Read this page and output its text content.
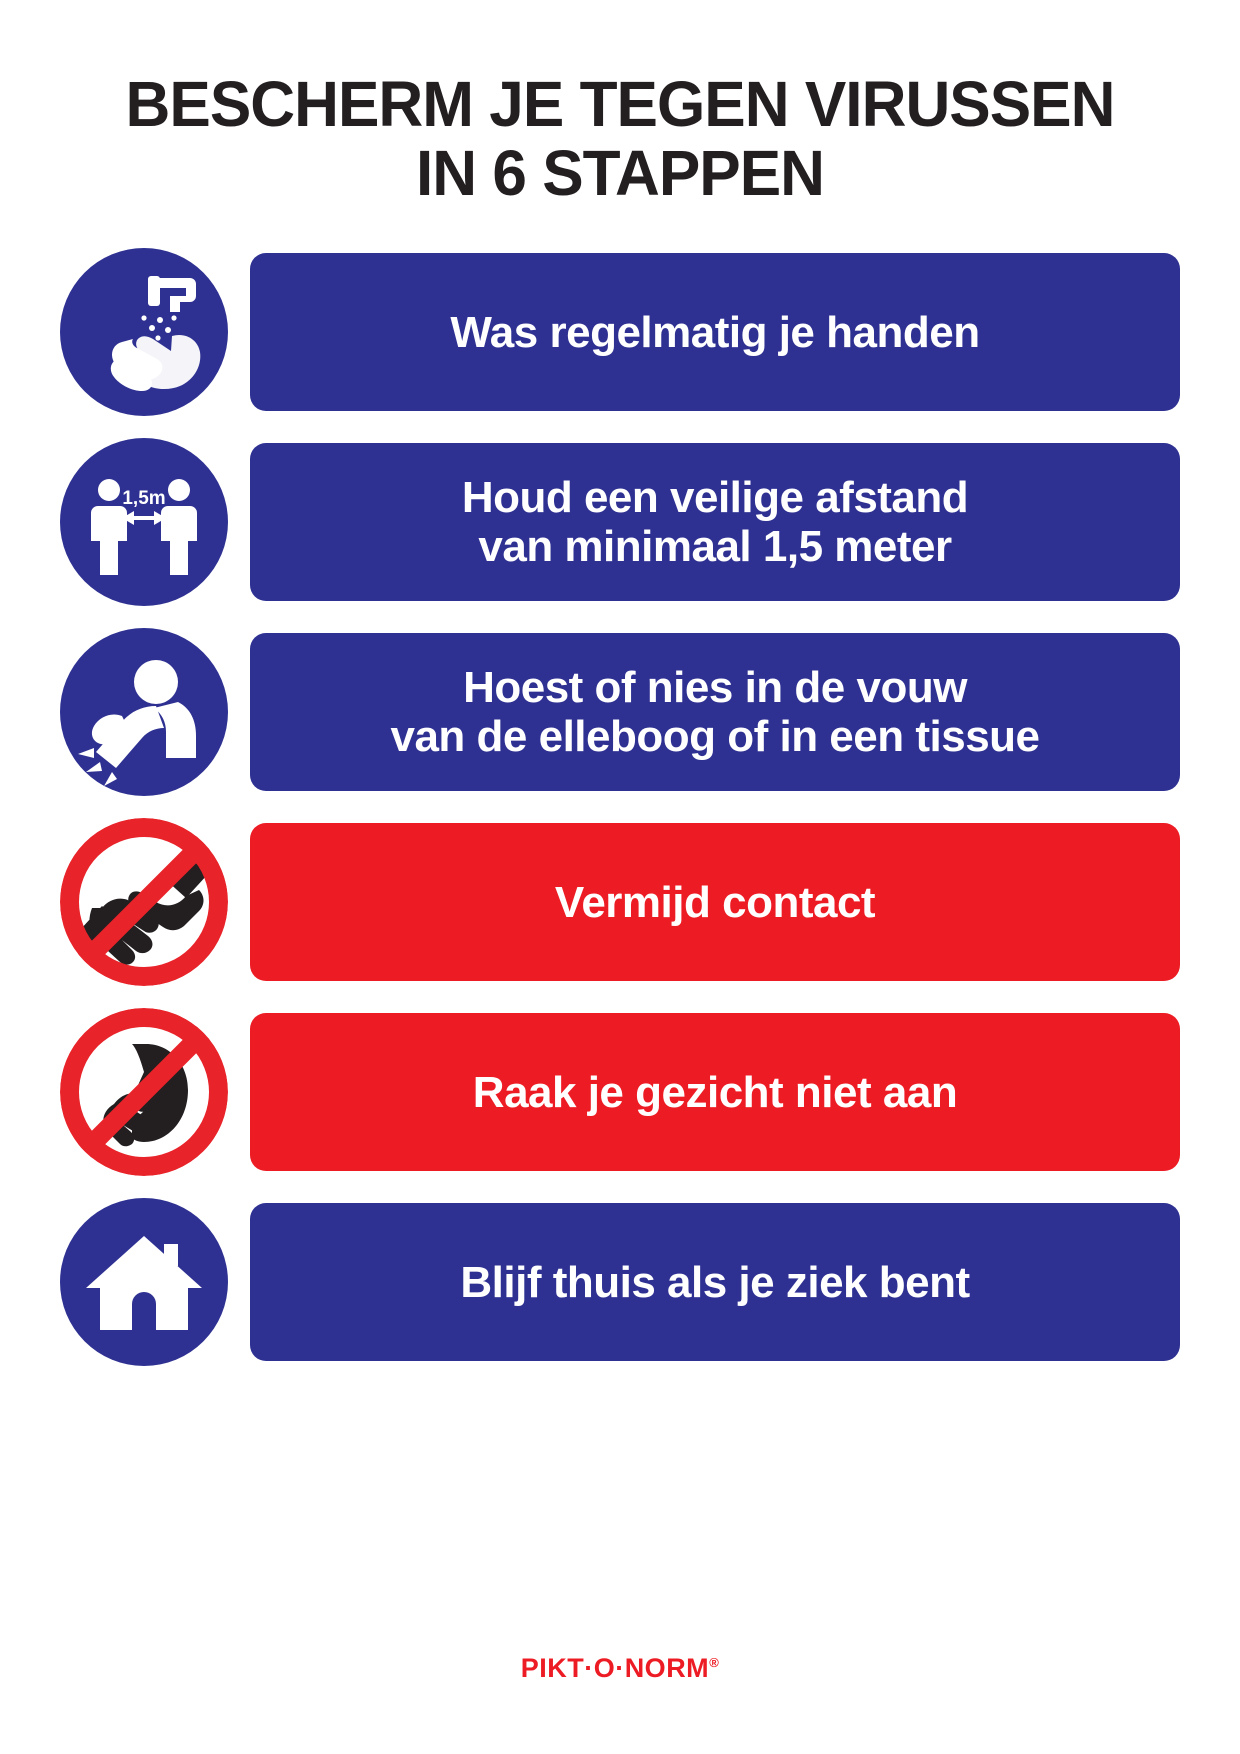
BESCHERM JE TEGEN VIRUSSEN
IN 6 STAPPEN
Was regelmatig je handen
1,5m	Houd een veilige afstand
van minimaal 1,5 meter
Hoest of nies in de vouw
van de elleboog of in een tissue
Vermijd contact
Raak je gezicht niet aan
Blijf thuis als je ziek bent
PIKT·O·NORM®
